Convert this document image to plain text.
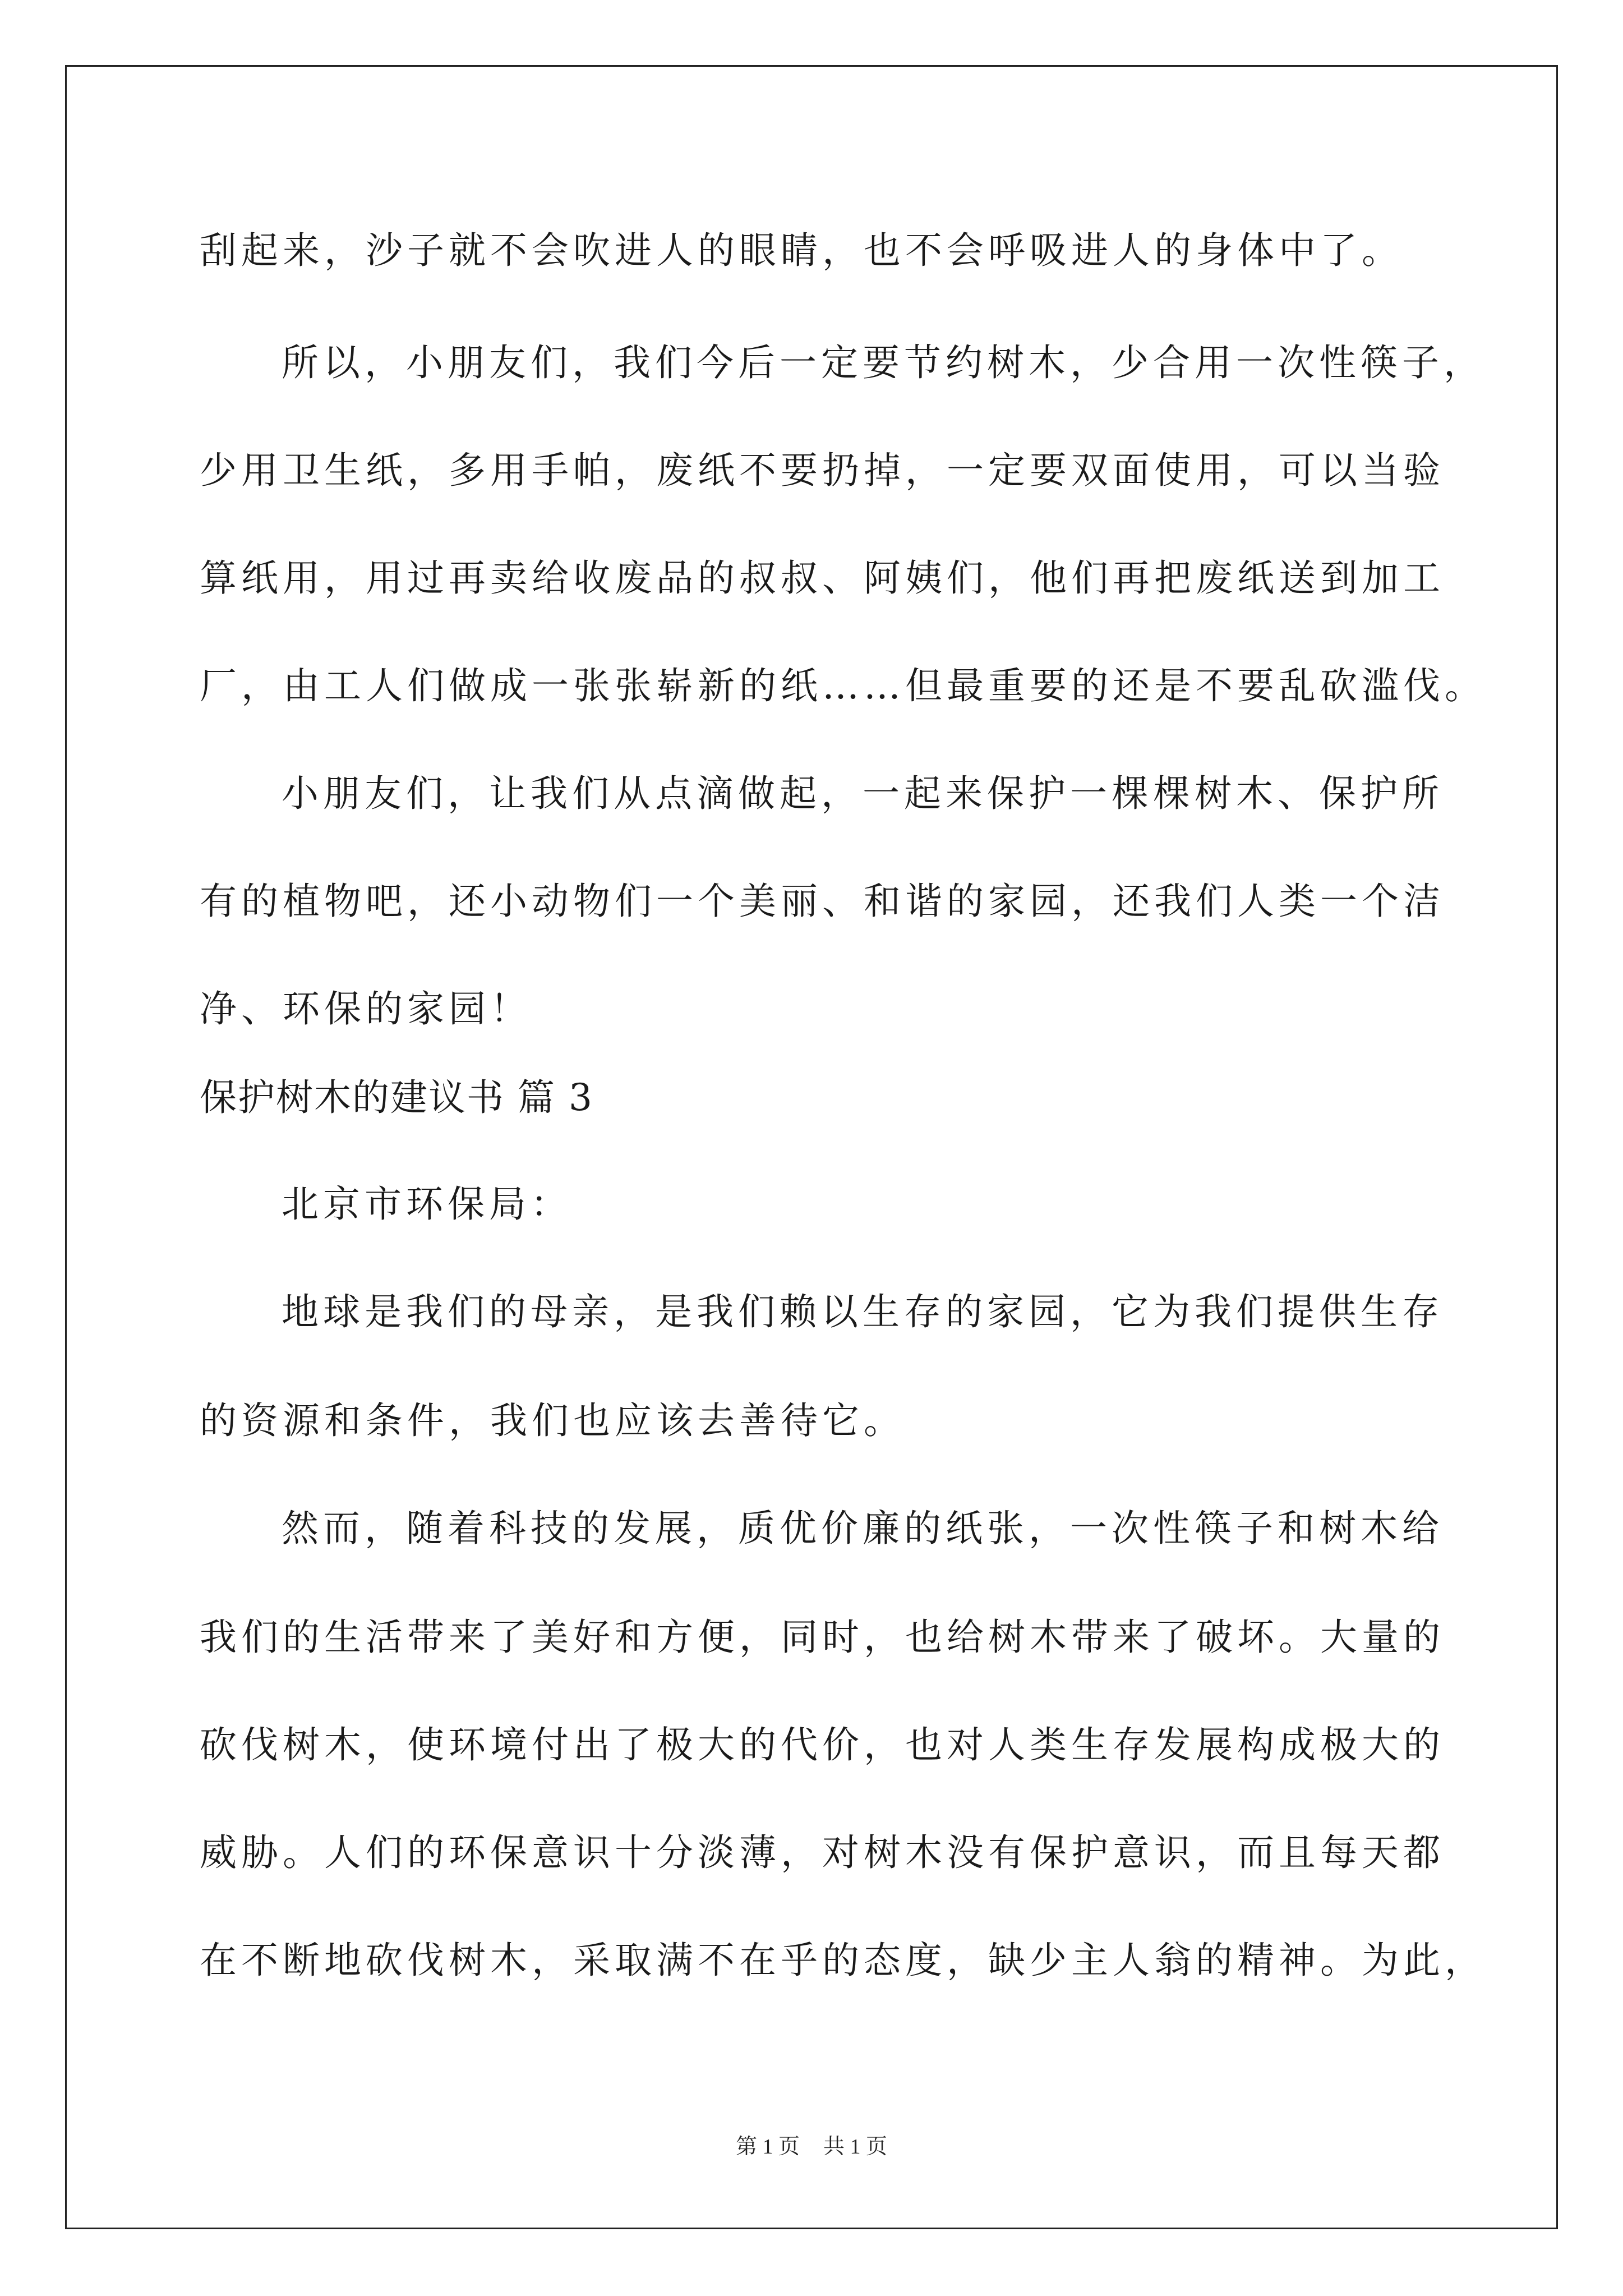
刮起来，沙子就不会吹进人的眼睛，也不会呼吸进人的身体中了。
所以，小朋友们，我们今后一定要节约树木，少合用一次性筷子，
少用卫生纸，多用手帕，废纸不要扔掉，一定要双面使用，可以当验
算纸用，用过再卖给收废品的叔叔、阿姨们，他们再把废纸送到加工
厂，由工人们做成一张张崭新的纸……但最重要的还是不要乱砍滥伐。
小朋友们，让我们从点滴做起，一起来保护一棵棵树木、保护所
有的植物吧，还小动物们一个美丽、和谐的家园，还我们人类一个洁
净、环保的家园！
保护树木的建议书 篇 3
北京市环保局：
地球是我们的母亲，是我们赖以生存的家园，它为我们提供生存
的资源和条件，我们也应该去善待它。
然而，随着科技的发展，质优价廉的纸张，一次性筷子和树木给
我们的生活带来了美好和方便，同时，也给树木带来了破坏。大量的
砍伐树木，使环境付出了极大的代价，也对人类生存发展构成极大的
威胁。人们的环保意识十分淡薄，对树木没有保护意识，而且每天都
在不断地砍伐树木，采取满不在乎的态度，缺少主人翁的精神。为此，
第 1 页 共 1 页
